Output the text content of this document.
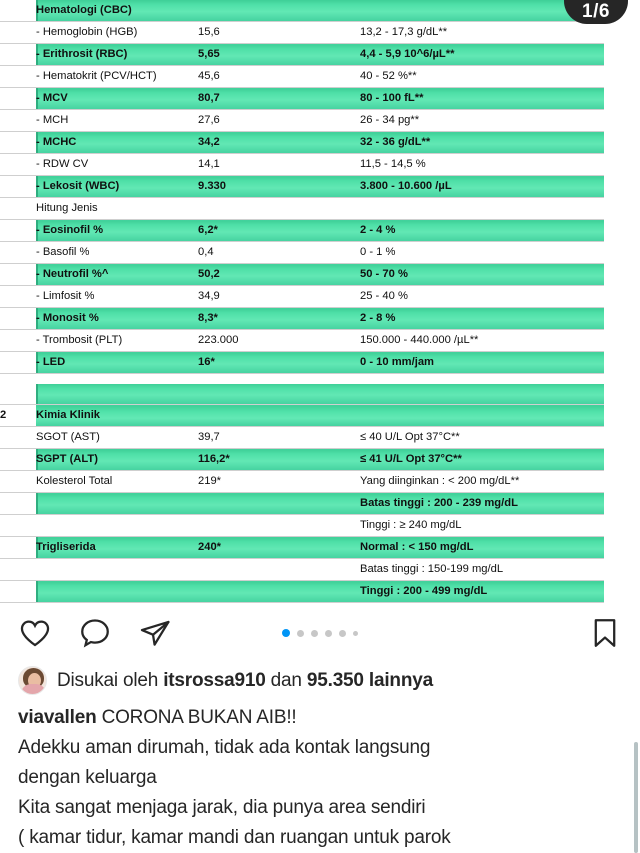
1/6
	Hematologi (CBC)		
	- Hemoglobin (HGB)	15,6	13,2 - 17,3 g/dL**
	- Erithrosit (RBC)	5,65	4,4 - 5,9 10^6/µL**
	- Hematokrit (PCV/HCT)	45,6	40 - 52 %**
	- MCV	80,7	80 - 100 fL**
	- MCH	27,6	26 - 34 pg**
	- MCHC	34,2	32 - 36 g/dL**
	- RDW CV	14,1	11,5 - 14,5 %
	- Lekosit (WBC)	9.330	3.800 - 10.600 /µL
	Hitung Jenis		
	- Eosinofil %	6,2*	2 - 4 %
	- Basofil %	0,4	0 - 1 %
	- Neutrofil %^	50,2	50 - 70 %
	- Limfosit %	34,9	25 - 40 %
	- Monosit %	8,3*	2 - 8 %
	- Trombosit (PLT)	223.000	150.000 - 440.000 /µL**
	- LED	16*	0 - 10 mm/jam

2	Kimia Klinik		
	SGOT (AST)	39,7	≤ 40 U/L Opt 37°C**
	SGPT (ALT)	116,2*	≤ 41 U/L Opt 37°C**
	Kolesterol Total	219*	Yang diinginkan : < 200 mg/dL**
			Batas tinggi : 200 - 239 mg/dL
			Tinggi : ≥ 240 mg/dL
	Trigliserida	240*	Normal : < 150 mg/dL
			Batas tinggi : 150-199 mg/dL
			Tinggi : 200 - 499 mg/dL

Disukai oleh itsrossa910 dan 95.350 lainnya
viavallen CORONA BUKAN AIB!!
Adekku aman dirumah, tidak ada kontak langsung
dengan keluarga
Kita sangat menjaga jarak, dia punya area sendiri
( kamar tidur, kamar mandi dan ruangan untuk parok
